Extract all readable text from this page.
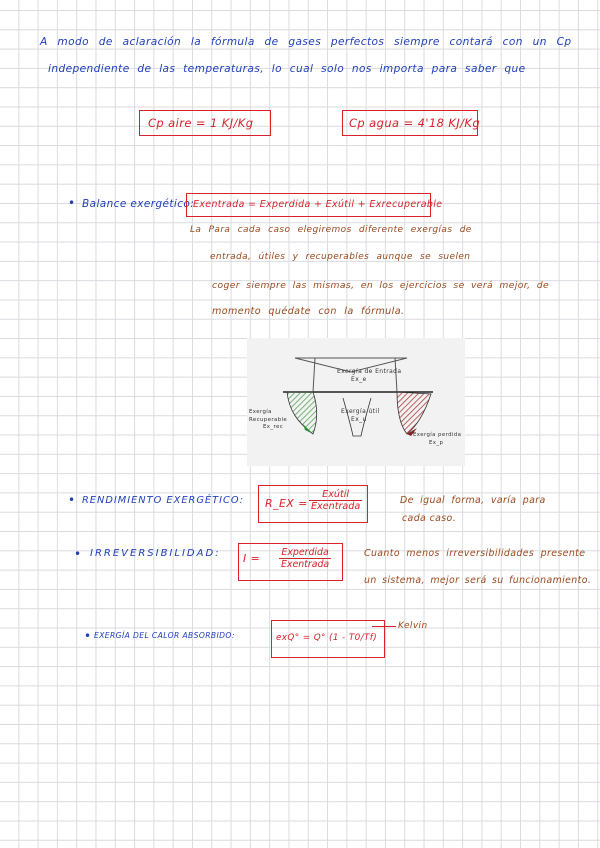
A modo de aclaración la fórmula de gases perfectos siempre contará con un Cp
independiente de las temperaturas, lo cual solo nos importa para saber que
Cp aire = 1 KJ/Kg	Cp agua = 4'18 KJ/Kg
• Balance exergético:
Exentrada = Experdida + Exútil + Exrecuperable
La Para cada caso elegiremos diferente exergías de
entrada, útiles y recuperables aunque se suelen
coger siempre las mismas, en los ejercicios se verá mejor, de
momento quédate con la fórmula.
Exergía de Entrada
Ex_e
Exergía útil
Ex_u
Exergía Recuperable
Ex_rec
Exergía perdida
Ex_p
• RENDIMIENTO EXERGÉTICO: R_EX =
Exútil
Exentrada
De igual forma, varía para
cada caso.
• IRREVERSIBILIDAD: I = Experdida
Exentrada
Cuanto menos irreversibilidades presente
un sistema, mejor será su funcionamiento.
• EXERGÍA DEL CALOR ABSORBIDO:	exQ° = Q° (1 - T0/Tf)
Kelvin
